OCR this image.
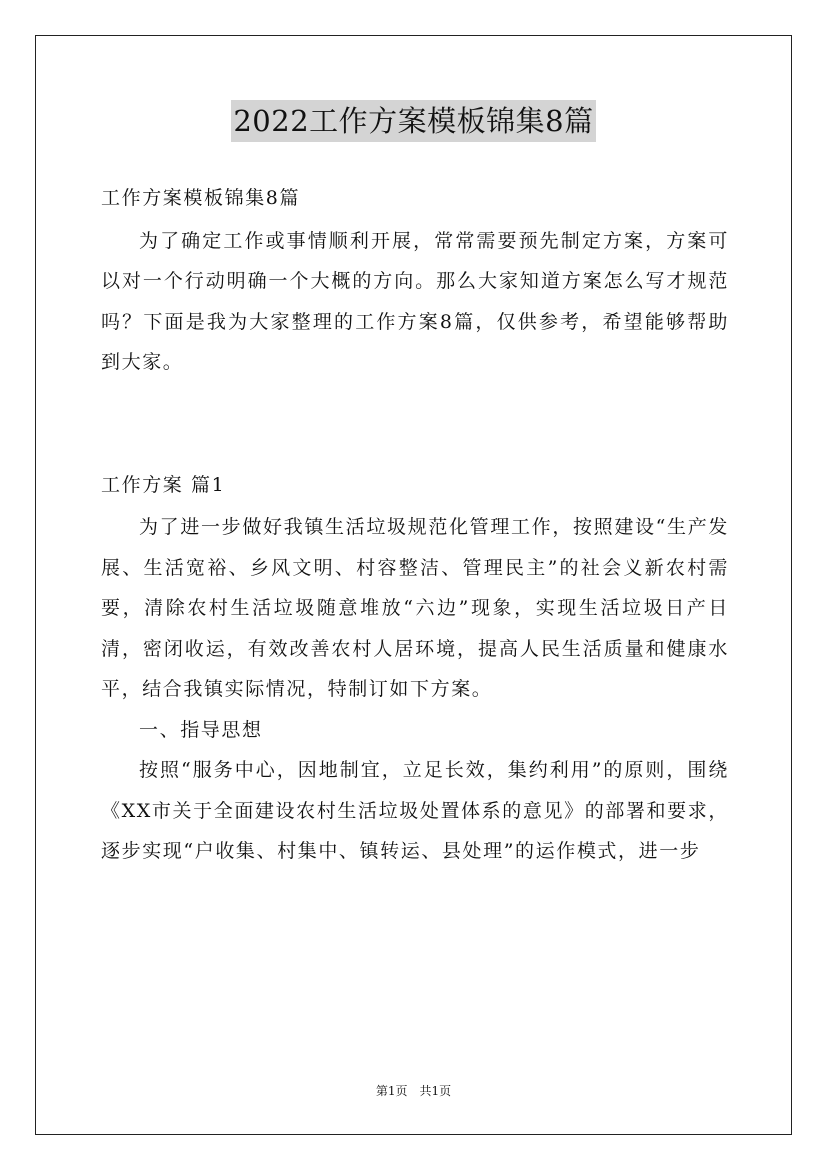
2022工作方案模板锦集8篇

工作方案模板锦集8篇

为了确定工作或事情顺利开展，常常需要预先制定方案，方案可以对一个行动明确一个大概的方向。那么大家知道方案怎么写才规范吗？下面是我为大家整理的工作方案8篇，仅供参考，希望能够帮助到大家。

工作方案 篇1

为了进一步做好我镇生活垃圾规范化管理工作，按照建设“生产发展、生活宽裕、乡风文明、村容整洁、管理民主”的社会义新农村需要，清除农村生活垃圾随意堆放“六边”现象，实现生活垃圾日产日清，密闭收运，有效改善农村人居环境，提高人民生活质量和健康水平，结合我镇实际情况，特制订如下方案。

一、指导思想

按照“服务中心，因地制宜，立足长效，集约利用”的原则，围绕《XX市关于全面建设农村生活垃圾处置体系的意见》的部署和要求，逐步实现“户收集、村集中、镇转运、县处理”的运作模式，进一步

第1页　共1页
